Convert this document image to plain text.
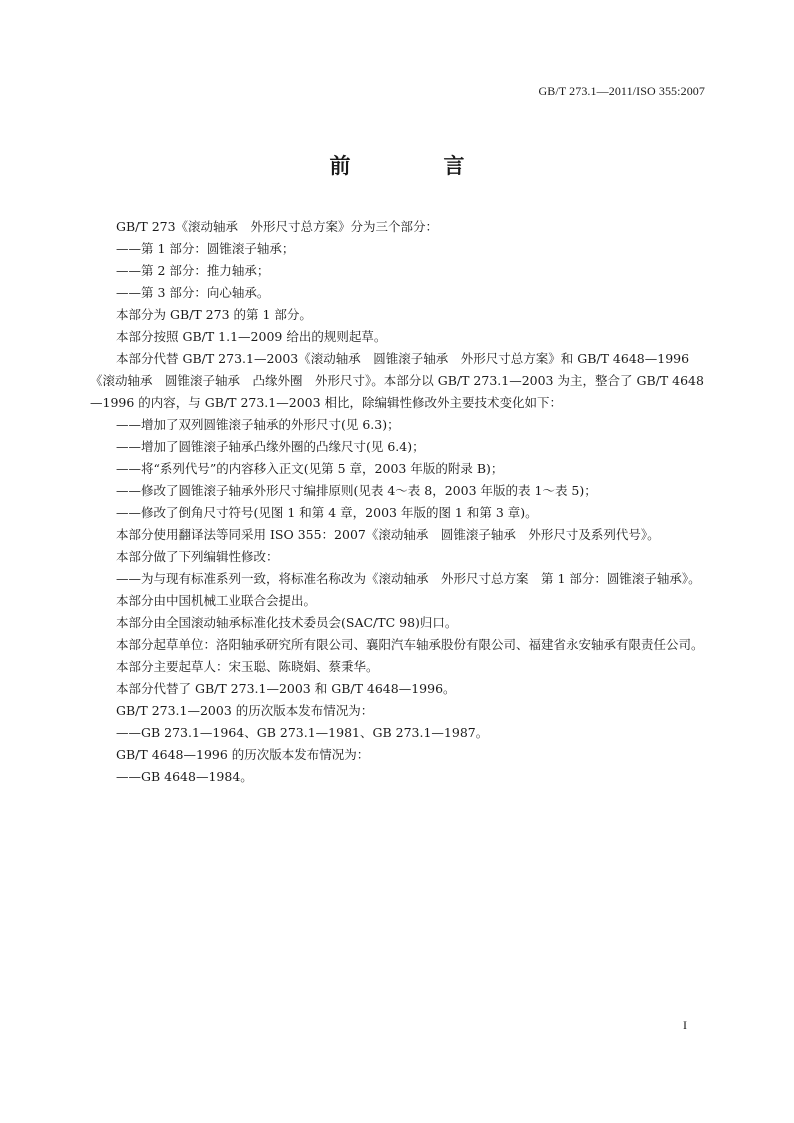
GB/T 273.1—2011/ISO 355:2007
前　言

GB/T 273《滚动轴承　外形尺寸总方案》分为三个部分：

——第 1 部分：圆锥滚子轴承；

——第 2 部分：推力轴承；

——第 3 部分：向心轴承。

本部分为 GB/T 273 的第 1 部分。

本部分按照 GB/T 1.1—2009 给出的规则起草。

本部分代替 GB/T 273.1—2003《滚动轴承　圆锥滚子轴承　外形尺寸总方案》和 GB/T 4648—1996《滚动轴承　圆锥滚子轴承　凸缘外圈　外形尺寸》。本部分以 GB/T 273.1—2003 为主，整合了 GB/T 4648—1996 的内容，与 GB/T 273.1—2003 相比，除编辑性修改外主要技术变化如下：

——增加了双列圆锥滚子轴承的外形尺寸(见 6.3)；

——增加了圆锥滚子轴承凸缘外圈的凸缘尺寸(见 6.4)；

——将“系列代号”的内容移入正文(见第 5 章，2003 年版的附录 B)；

——修改了圆锥滚子轴承外形尺寸编排原则(见表 4～表 8，2003 年版的表 1～表 5)；

——修改了倒角尺寸符号(见图 1 和第 4 章，2003 年版的图 1 和第 3 章)。

本部分使用翻译法等同采用 ISO 355：2007《滚动轴承　圆锥滚子轴承　外形尺寸及系列代号》。

本部分做了下列编辑性修改：

——为与现有标准系列一致，将标准名称改为《滚动轴承　外形尺寸总方案　第 1 部分：圆锥滚子轴承》。

本部分由中国机械工业联合会提出。

本部分由全国滚动轴承标准化技术委员会(SAC/TC 98)归口。

本部分起草单位：洛阳轴承研究所有限公司、襄阳汽车轴承股份有限公司、福建省永安轴承有限责任公司。

本部分主要起草人：宋玉聪、陈晓娟、蔡秉华。

本部分代替了 GB/T 273.1—2003 和 GB/T 4648—1996。

GB/T 273.1—2003 的历次版本发布情况为：

——GB 273.1—1964、GB 273.1—1981、GB 273.1—1987。

GB/T 4648—1996 的历次版本发布情况为：

——GB 4648—1984。

I
